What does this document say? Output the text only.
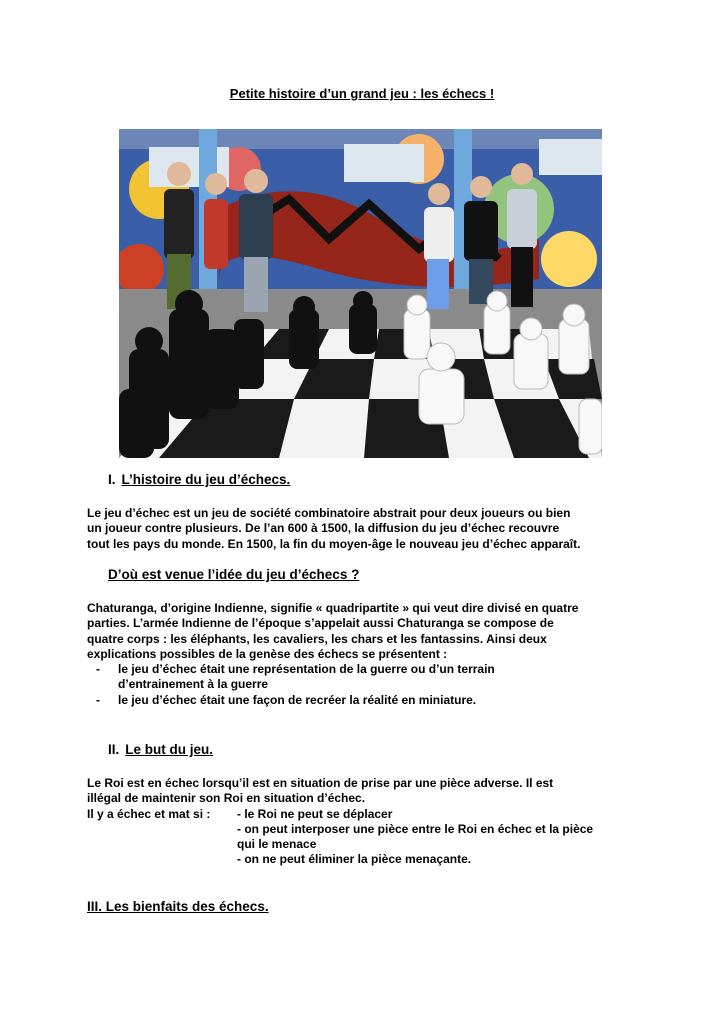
Petite histoire d’un grand jeu : les échecs !
I. L’histoire du jeu d’échecs.
Le jeu d’échec est un jeu de société combinatoire abstrait pour deux joueurs ou bien
un joueur contre plusieurs. De l’an 600 à 1500, la diffusion du jeu d’échec recouvre
tout les pays du monde. En 1500, la fin du moyen-âge le nouveau jeu d’échec apparaît.
D’où est venue l’idée du jeu d’échecs ?
Chaturanga, d’origine Indienne, signifie « quadripartite » qui veut dire divisé en quatre
parties. L’armée Indienne de l’époque s’appelait aussi Chaturanga se compose de
quatre corps : les éléphants, les cavaliers, les chars et les fantassins. Ainsi deux
explications possibles de la genèse des échecs se présentent :
- le jeu d’échec était une représentation de la guerre ou d’un terrain
d’entrainement à la guerre
- le jeu d’échec était une façon de recréer la réalité en miniature.
II. Le but du jeu.
Le Roi est en échec lorsqu’il est en situation de prise par une pièce adverse. Il est
illégal de maintenir son Roi en situation d’échec.
Il y a échec et mat si : - le Roi ne peut se déplacer
- on peut interposer une pièce entre le Roi en échec et la pièce
qui le menace
- on ne peut éliminer la pièce menaçante.
III. Les bienfaits des échecs.
